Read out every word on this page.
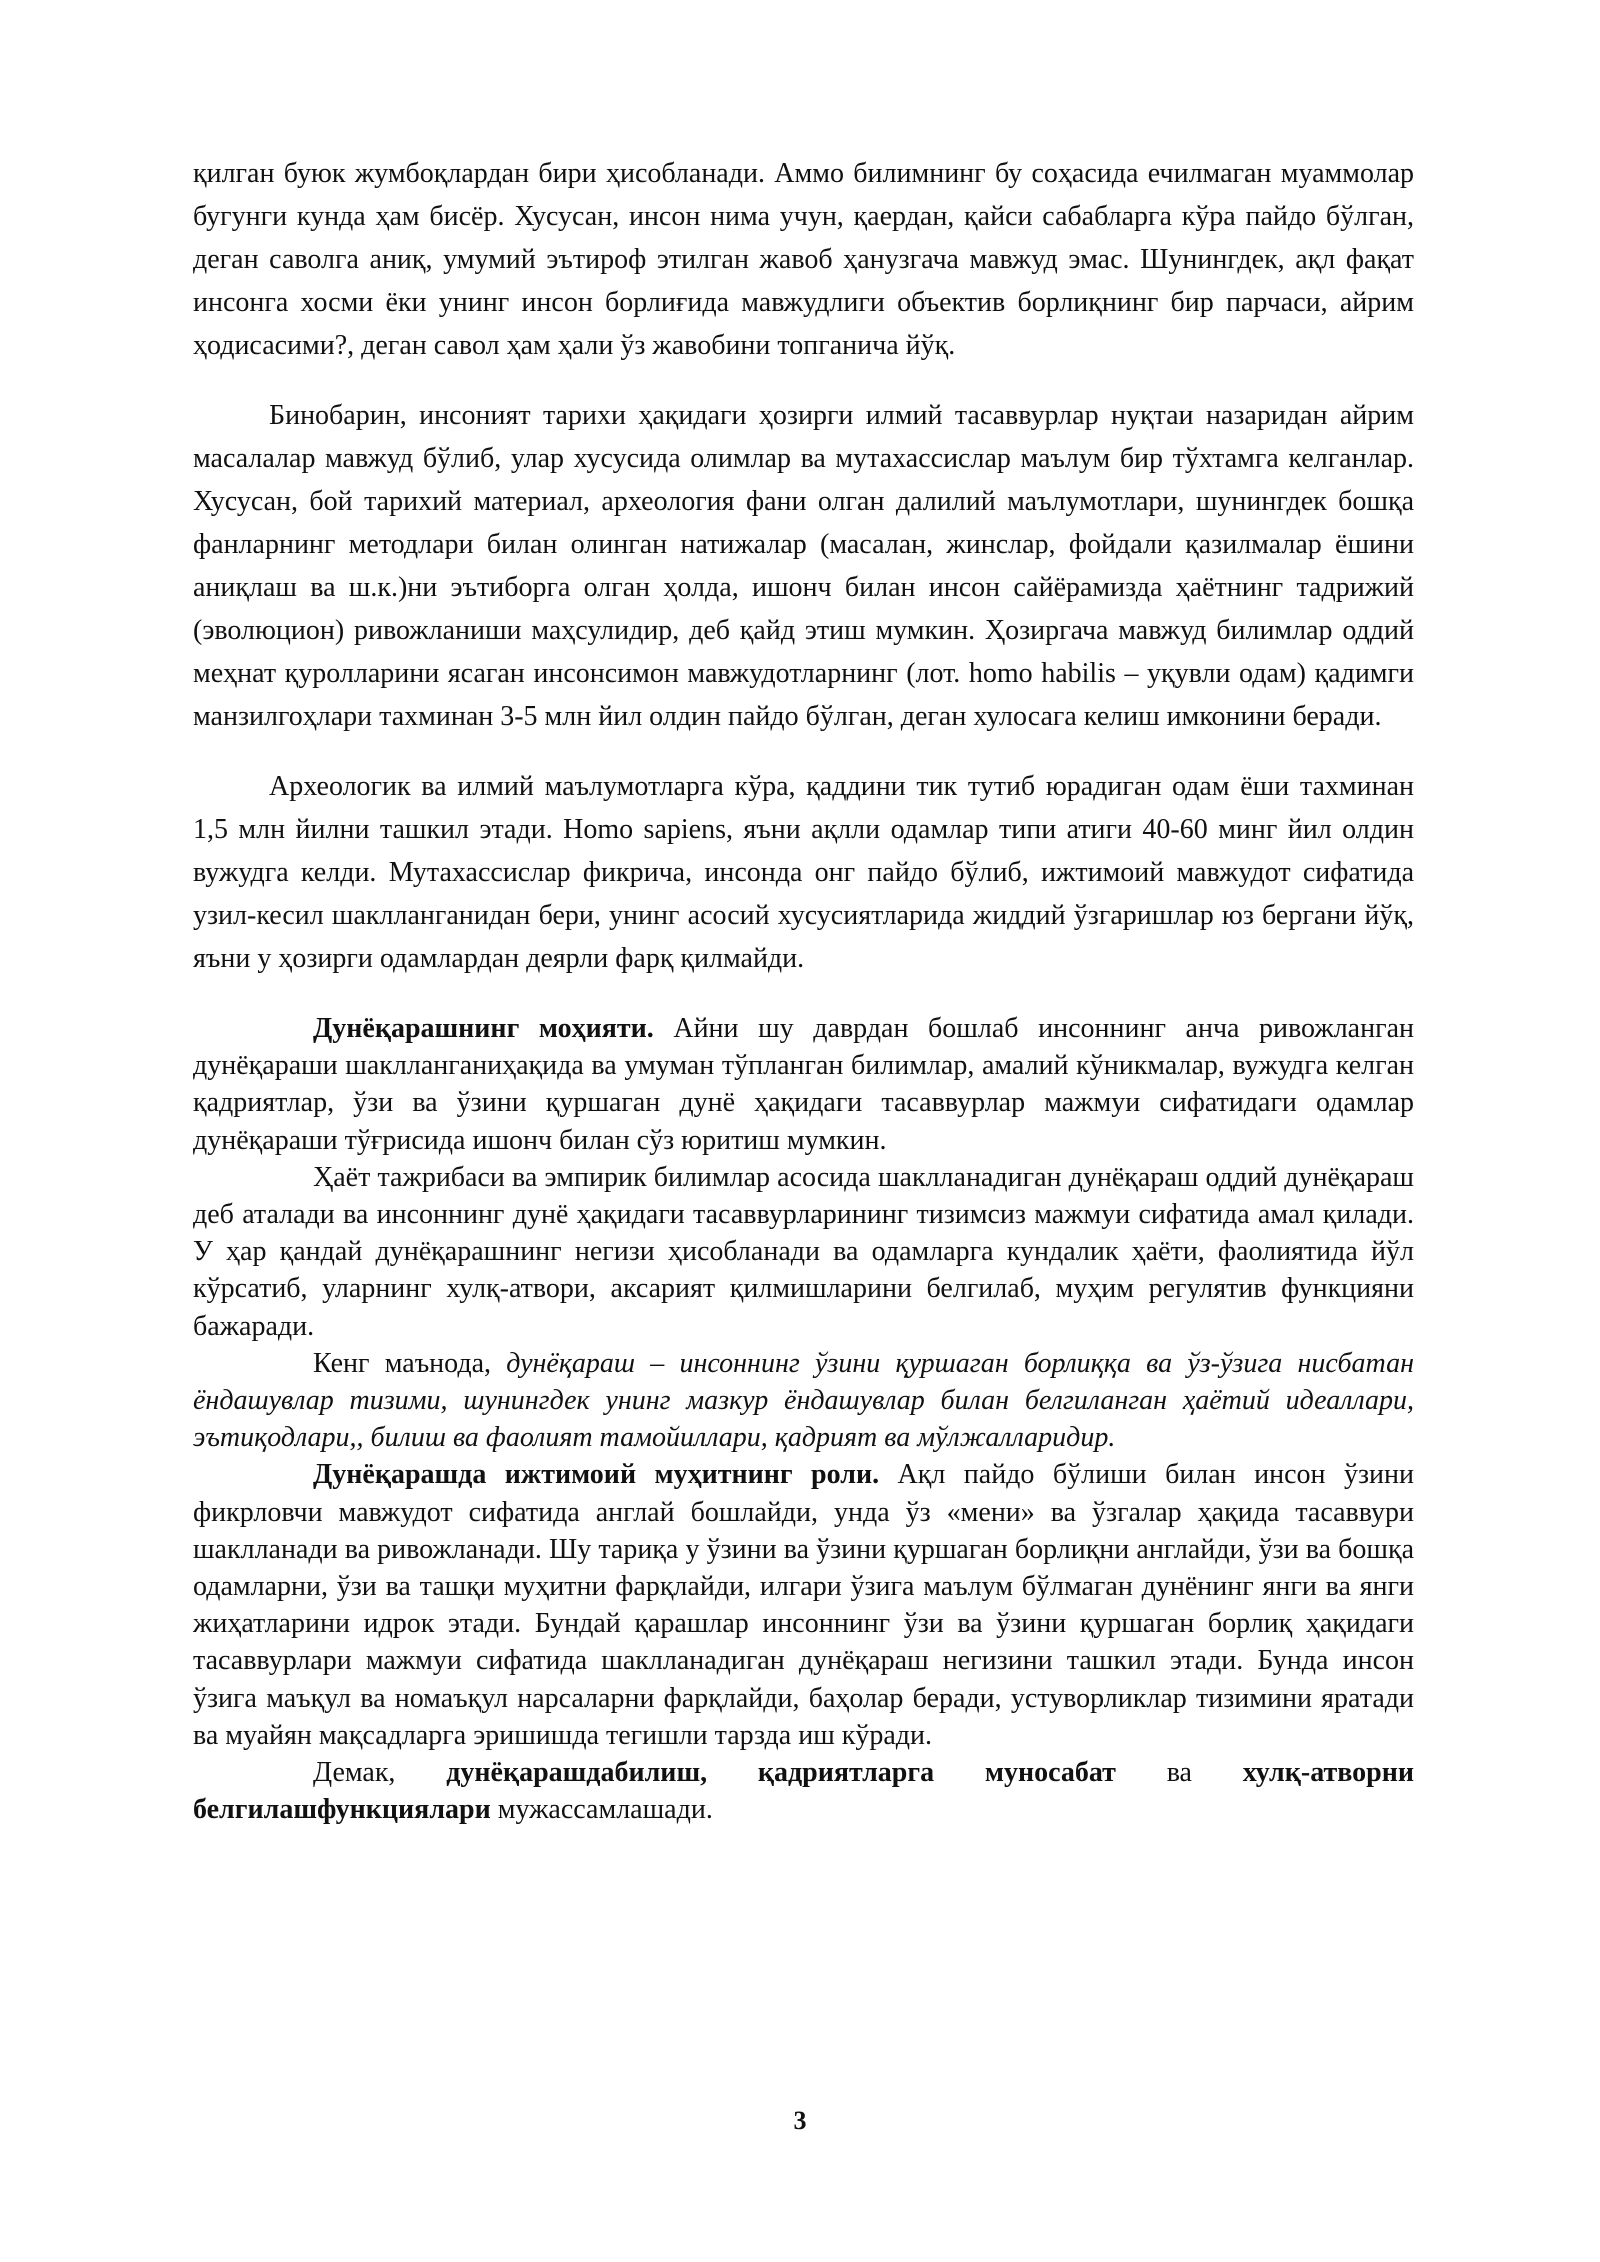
қилган буюк жумбоқлардан бири ҳисобланади. Аммо билимнинг бу соҳасида ечилмаган муаммолар бугунги кунда ҳам бисёр. Хусусан, инсон нима учун, қаердан, қайси сабабларга кўра пайдо бўлган, деган саволга аниқ, умумий эътироф этилган жавоб ҳанузгача мавжуд эмас. Шунингдек, ақл фақат инсонга хосми ёки унинг инсон борлиғида мавжудлиги объектив борлиқнинг бир парчаси, айрим ҳодисасими?, деган савол ҳам ҳали ўз жавобини топганича йўқ.

Бинобарин, инсоният тарихи ҳақидаги ҳозирги илмий тасаввурлар нуқтаи назаридан айрим масалалар мавжуд бўлиб, улар хусусида олимлар ва мутахассислар маълум бир тўхтамга келганлар. Хусусан, бой тарихий материал, археология фани олган далилий маълумотлари, шунингдек бошқа фанларнинг методлари билан олинган натижалар (масалан, жинслар, фойдали қазилмалар ёшини аниқлаш ва ш.к.)ни эътиборга олган ҳолда, ишонч билан инсон сайёрамизда ҳаётнинг тадрижий (эволюцион) ривожланиши маҳсулидир, деб қайд этиш мумкин. Ҳозиргача мавжуд билимлар оддий меҳнат қуролларини ясаган инсонсимон мавжудотларнинг (лот. homo habilis – уқувли одам) қадимги манзилгоҳлари тахминан 3-5 млн йил олдин пайдо бўлган, деган хулосага келиш имконини беради.

Археологик ва илмий маълумотларга кўра, қаддини тик тутиб юрадиган одам ёши тахминан 1,5 млн йилни ташкил этади. Homo sapiens, яъни ақлли одамлар типи атиги 40-60 минг йил олдин вужудга келди. Мутахассислар фикрича, инсонда онг пайдо бўлиб, ижтимоий мавжудот сифатида узил-кесил шаклланганидан бери, унинг асосий хусусиятларида жиддий ўзгаришлар юз бергани йўқ, яъни у ҳозирги одамлардан деярли фарқ қилмайди.

Дунёқарашнинг моҳияти. Айни шу даврдан бошлаб инсоннинг анча ривожланган дунёқараши шаклланганиҳақида ва умуман тўпланган билимлар, амалий кўникмалар, вужудга келган қадриятлар, ўзи ва ўзини қуршаган дунё ҳақидаги тасаввурлар мажмуи сифатидаги одамлар дунёқараши тўғрисида ишонч билан сўз юритиш мумкин.

Ҳаёт тажрибаси ва эмпирик билимлар асосида шаклланадиган дунёқараш оддий дунёқараш деб аталади ва инсоннинг дунё ҳақидаги тасаввурларининг тизимсиз мажмуи сифатида амал қилади. У ҳар қандай дунёқарашнинг негизи ҳисобланади ва одамларга кундалик ҳаёти, фаолиятида йўл кўрсатиб, уларнинг хулқ-атвори, аксарият қилмишларини белгилаб, муҳим регулятив функцияни бажаради.

Кенг маънода, дунёқараш – инсоннинг ўзини қуршаган борлиққа ва ўз-ўзига нисбатан ёндашувлар тизими, шунингдек унинг мазкур ёндашувлар билан белгиланган ҳаётий идеаллари, эътиқодлари,, билиш ва фаолият тамойиллари, қадрият ва мўлжалларидир.

Дунёқарашда ижтимоий муҳитнинг роли. Ақл пайдо бўлиши билан инсон ўзини фикрловчи мавжудот сифатида англай бошлайди, унда ўз «мени» ва ўзгалар ҳақида тасаввури шаклланади ва ривожланади. Шу тариқа у ўзини ва ўзини қуршаган борлиқни англайди, ўзи ва бошқа одамларни, ўзи ва ташқи муҳитни фарқлайди, илгари ўзига маълум бўлмаган дунёнинг янги ва янги жиҳатларини идрок этади. Бундай қарашлар инсоннинг ўзи ва ўзини қуршаган борлиқ ҳақидаги тасаввурлари мажмуи сифатида шаклланадиган дунёқараш негизини ташкил этади. Бунда инсон ўзига маъқул ва номаъқул нарсаларни фарқлайди, баҳолар беради, устуворликлар тизимини яратади ва муайян мақсадларга эришишда тегишли тарзда иш кўради.

Демак, дунёқарашдабилиш, қадриятларга муносабат ва хулқ-атворни белгилашфункциялари мужассамлашади.

3
